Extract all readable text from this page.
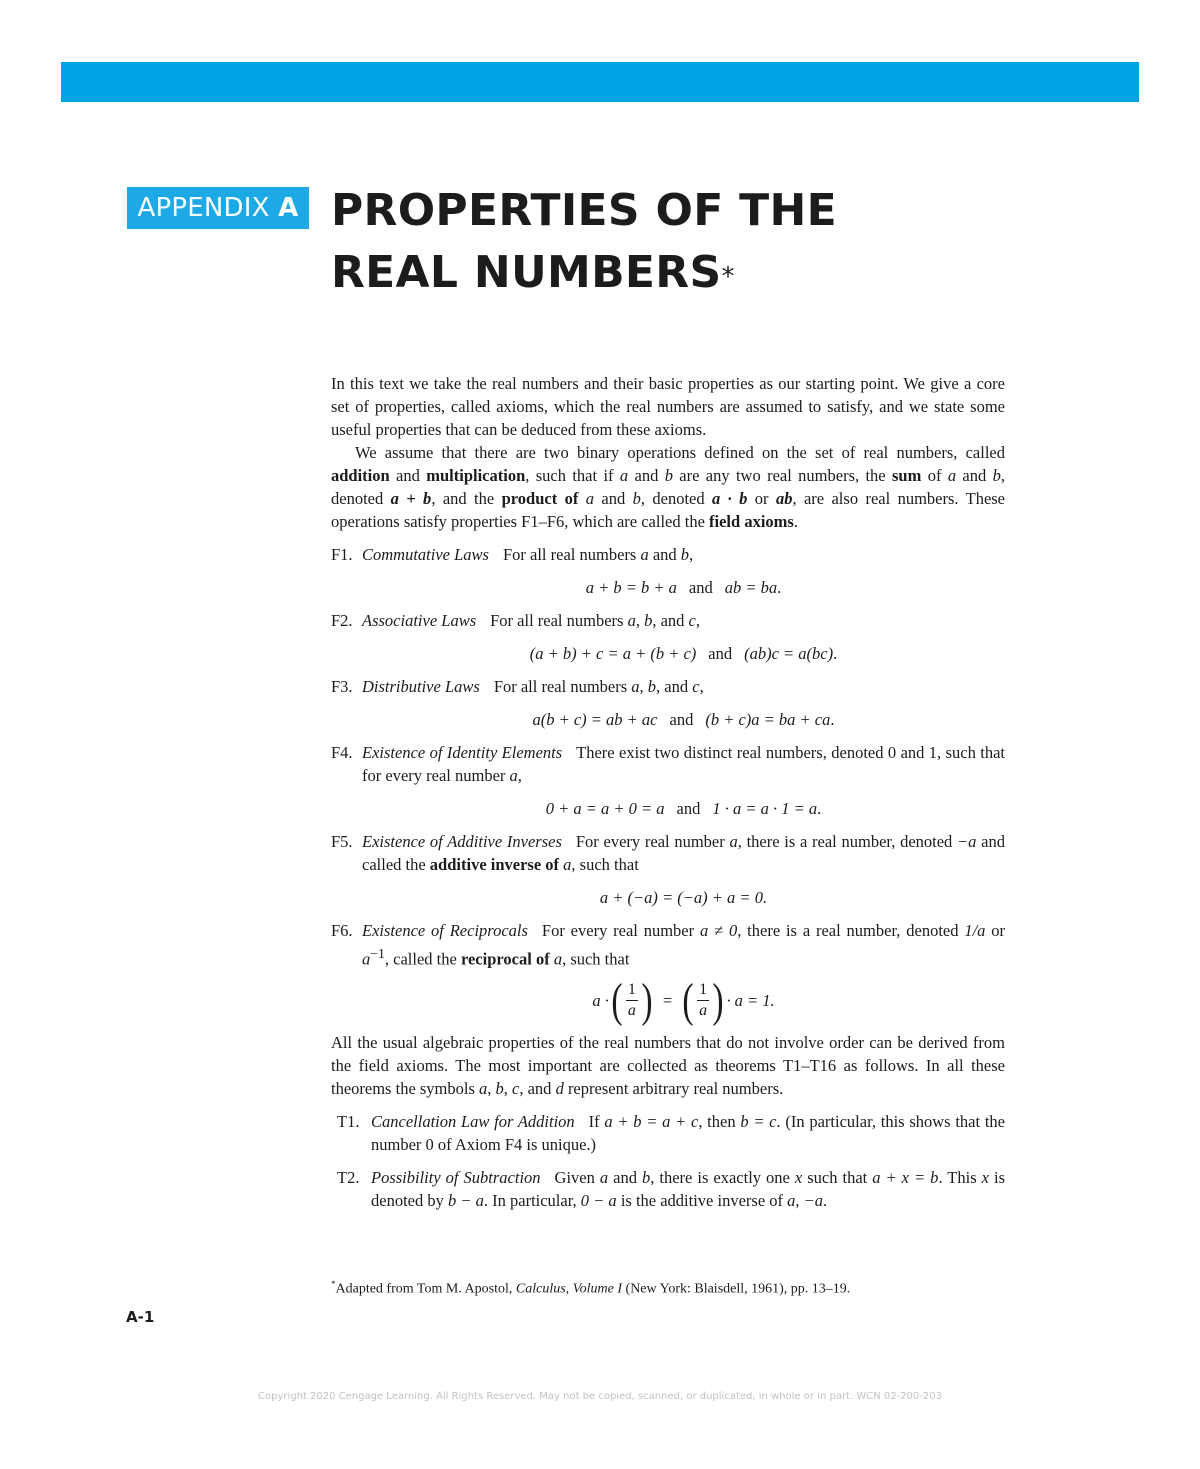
APPENDIX A PROPERTIES OF THE
REAL NUMBERS*

In this text we take the real numbers and their basic properties as our starting point. We give a core set of properties, called axioms, which the real numbers are assumed to satisfy, and we state some useful properties that can be deduced from these axioms.

We assume that there are two binary operations defined on the set of real numbers, called addition and multiplication, such that if a and b are any two real numbers, the sum of a and b, denoted a + b, and the product of a and b, denoted a · b or ab, are also real numbers. These operations satisfy properties F1–F6, which are called the field axioms.

F1. Commutative Laws For all real numbers a and b,
a + b = b + a and ab = ba.
F2. Associative Laws For all real numbers a, b, and c,
(a + b) + c = a + (b + c) and (ab)c = a(bc).
F3. Distributive Laws For all real numbers a, b, and c,
a(b + c) = ab + ac and (b + c)a = ba + ca.
F4. Existence of Identity Elements There exist two distinct real numbers, denoted 0 and 1, such that for every real number a,
0 + a = a + 0 = a and 1 · a = a · 1 = a.
F5. Existence of Additive Inverses For every real number a, there is a real number, denoted −a and called the additive inverse of a, such that
a + (−a) = (−a) + a = 0.
F6. Existence of Reciprocals For every real number a ≠ 0, there is a real number, denoted 1/a or $a^{-1}$, called the reciprocal of a, such that
a · ( $\frac{1}{a}$ ) = ( $\frac{1}{a}$ ) · a = 1.

All the usual algebraic properties of the real numbers that do not involve order can be derived from the field axioms. The most important are collected as theorems T1–T16 as follows. In all these theorems the symbols a, b, c, and d represent arbitrary real numbers.

T1. Cancellation Law for Addition If a + b = a + c, then b = c. (In particular, this shows that the number 0 of Axiom F4 is unique.)
T2. Possibility of Subtraction Given a and b, there is exactly one x such that a + x = b. This x is denoted by b − a. In particular, 0 − a is the additive inverse of a, −a.
*Adapted from Tom M. Apostol, Calculus, Volume I (New York: Blaisdell, 1961), pp. 13–19.
A-1
Copyright 2020 Cengage Learning. All Rights Reserved. May not be copied, scanned, or duplicated, in whole or in part. WCN 02-200-203
